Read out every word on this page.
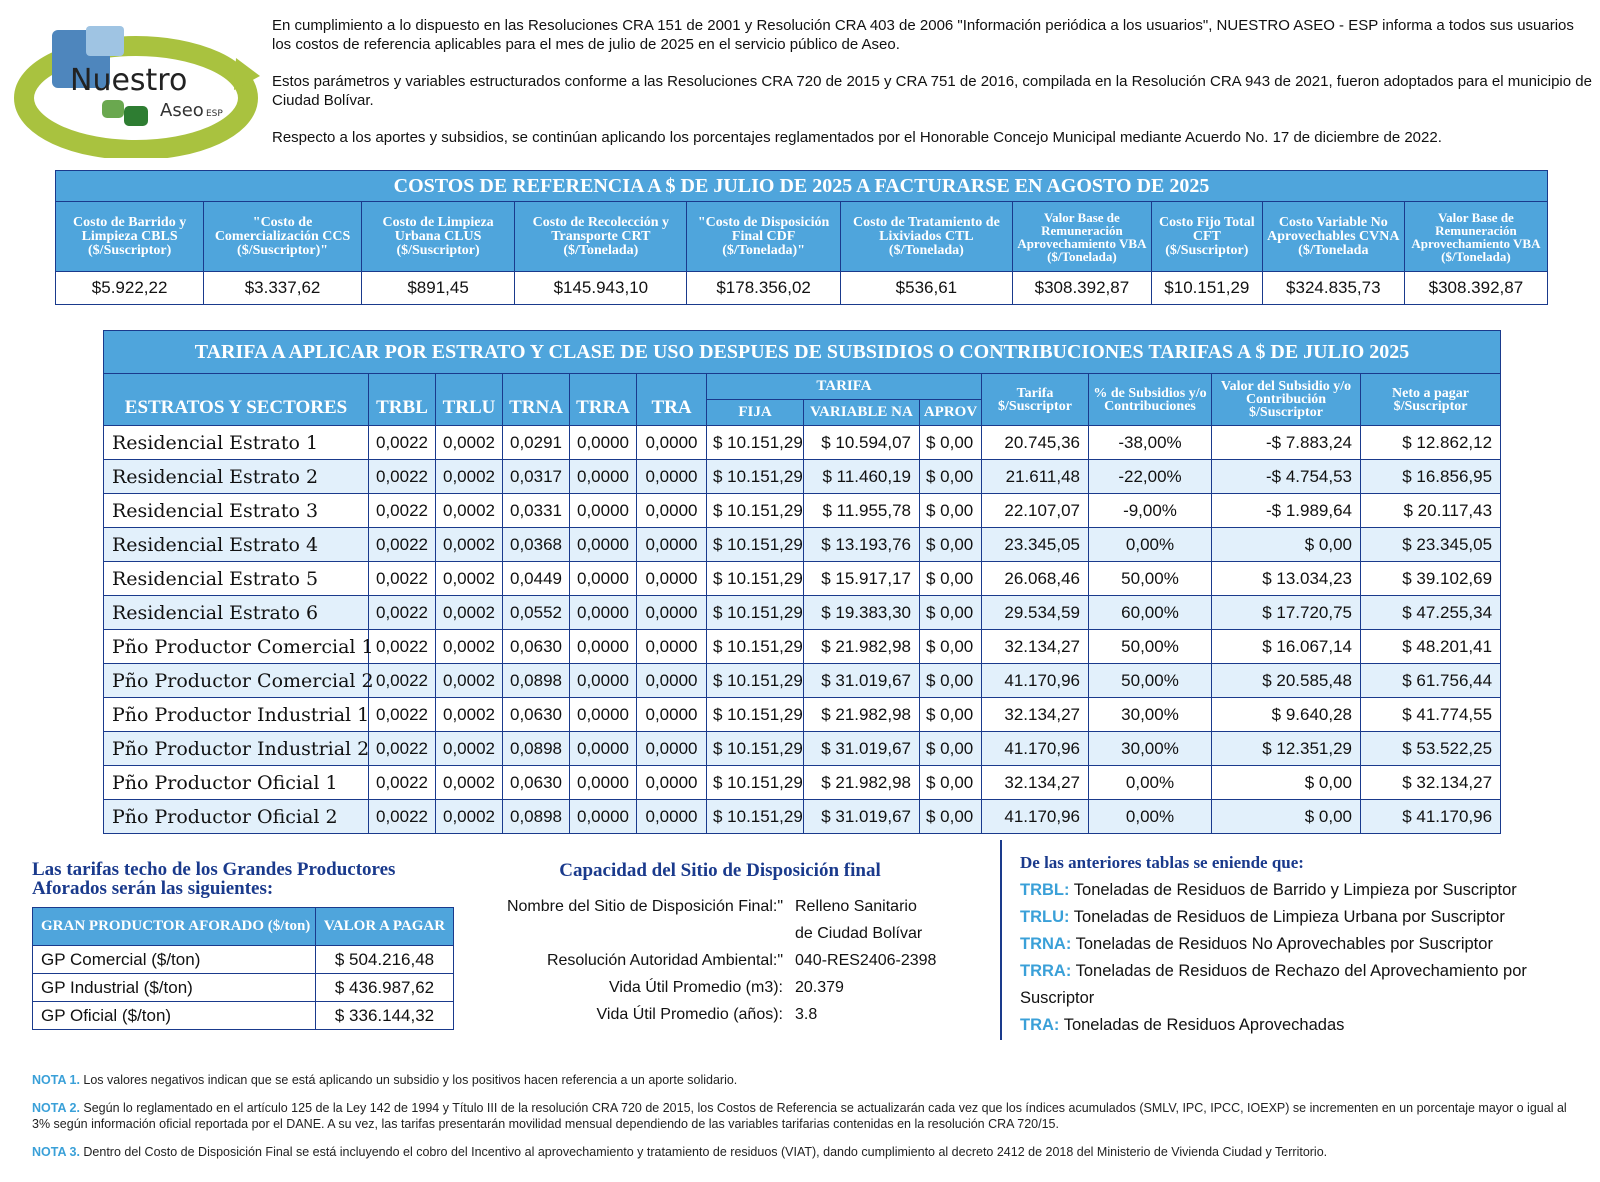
Nuestro
Aseo ESP

En cumplimiento a lo dispuesto en las Resoluciones CRA 151 de 2001 y Resolución CRA 403 de 2006 "Información periódica a los usuarios", NUESTRO ASEO - ESP informa a todos sus usuarios los costos de referencia aplicables para el mes de julio de 2025 en el servicio público de Aseo.

Estos parámetros y variables estructurados conforme a las Resoluciones CRA 720 de 2015 y CRA 751 de 2016, compilada en la Resolución CRA 943 de 2021, fueron adoptados para el municipio de Ciudad Bolívar.

Respecto a los aportes y subsidios, se continúan aplicando los porcentajes reglamentados por el Honorable Concejo Municipal mediante Acuerdo No. 17 de diciembre de 2022.

COSTOS DE REFERENCIA A $ DE JULIO DE 2025 A FACTURARSE EN AGOSTO DE 2025									
Costo de Barrido y Limpieza CBLS ($/Suscriptor)	"Costo de Comercialización CCS ($/Suscriptor)"	Costo de Limpieza Urbana CLUS ($/Suscriptor)	Costo de Recolección y Transporte CRT ($/Tonelada)	"Costo de Disposición Final CDF ($/Tonelada)"	Costo de Tratamiento de Lixiviados CTL ($/Tonelada)	Valor Base de Remuneración Aprovechamiento VBA ($/Tonelada)	Costo Fijo Total CFT ($/Suscriptor)	Costo Variable No Aprovechables CVNA ($/Tonelada	Valor Base de Remuneración Aprovechamiento VBA ($/Tonelada)
$5.922,22	$3.337,62	$891,45	$145.943,10	$178.356,02	$536,61	$308.392,87	$10.151,29	$324.835,73	$308.392,87
TARIFA A APLICAR POR ESTRATO Y CLASE DE USO DESPUES DE SUBSIDIOS O CONTRIBUCIONES TARIFAS A $ DE JULIO 2025												
ESTRATOS Y SECTORES	TRBL	TRLU	TRNA	TRRA	TRA	TARIFA			Tarifa $/Suscriptor	% de Subsidios y/o Contribuciones	Valor del Subsidio y/o Contribución $/Suscriptor	Neto a pagar $/Suscriptor
						FIJA	VARIABLE NA	APROV				
Residencial Estrato 1	0,0022	0,0002	0,0291	0,0000	0,0000	$ 10.151,29	$ 10.594,07	$ 0,00	20.745,36	-38,00%	-$ 7.883,24	$ 12.862,12
Residencial Estrato 2	0,0022	0,0002	0,0317	0,0000	0,0000	$ 10.151,29	$ 11.460,19	$ 0,00	21.611,48	-22,00%	-$ 4.754,53	$ 16.856,95
Residencial Estrato 3	0,0022	0,0002	0,0331	0,0000	0,0000	$ 10.151,29	$ 11.955,78	$ 0,00	22.107,07	-9,00%	-$ 1.989,64	$ 20.117,43
Residencial Estrato 4	0,0022	0,0002	0,0368	0,0000	0,0000	$ 10.151,29	$ 13.193,76	$ 0,00	23.345,05	0,00%	$ 0,00	$ 23.345,05
Residencial Estrato 5	0,0022	0,0002	0,0449	0,0000	0,0000	$ 10.151,29	$ 15.917,17	$ 0,00	26.068,46	50,00%	$ 13.034,23	$ 39.102,69
Residencial Estrato 6	0,0022	0,0002	0,0552	0,0000	0,0000	$ 10.151,29	$ 19.383,30	$ 0,00	29.534,59	60,00%	$ 17.720,75	$ 47.255,34
Pño Productor Comercial 1	0,0022	0,0002	0,0630	0,0000	0,0000	$ 10.151,29	$ 21.982,98	$ 0,00	32.134,27	50,00%	$ 16.067,14	$ 48.201,41
Pño Productor Comercial 2	0,0022	0,0002	0,0898	0,0000	0,0000	$ 10.151,29	$ 31.019,67	$ 0,00	41.170,96	50,00%	$ 20.585,48	$ 61.756,44
Pño Productor Industrial 1	0,0022	0,0002	0,0630	0,0000	0,0000	$ 10.151,29	$ 21.982,98	$ 0,00	32.134,27	30,00%	$ 9.640,28	$ 41.774,55
Pño Productor Industrial 2	0,0022	0,0002	0,0898	0,0000	0,0000	$ 10.151,29	$ 31.019,67	$ 0,00	41.170,96	30,00%	$ 12.351,29	$ 53.522,25
Pño Productor Oficial 1	0,0022	0,0002	0,0630	0,0000	0,0000	$ 10.151,29	$ 21.982,98	$ 0,00	32.134,27	0,00%	$ 0,00	$ 32.134,27
Pño Productor Oficial 2	0,0022	0,0002	0,0898	0,0000	0,0000	$ 10.151,29	$ 31.019,67	$ 0,00	41.170,96	0,00%	$ 0,00	$ 41.170,96
Las tarifas techo de los Grandes Productores Aforados serán las siguientes:
GRAN PRODUCTOR AFORADO ($/ton)	VALOR A PAGAR
GP Comercial ($/ton)	$ 504.216,48
GP Industrial ($/ton)	$ 436.987,62
GP Oficial ($/ton)	$ 336.144,32
Capacidad del Sitio de Disposición final
Nombre del Sitio de Disposición Final:" Relleno Sanitario
de Ciudad Bolívar
Resolución Autoridad Ambiental:" 040-RES2406-2398
Vida Útil Promedio (m3): 20.379
Vida Útil Promedio (años): 3.8
De las anteriores tablas se eniende que:
TRBL: Toneladas de Residuos de Barrido y Limpieza por Suscriptor
TRLU: Toneladas de Residuos de Limpieza Urbana por Suscriptor
TRNA: Toneladas de Residuos No Aprovechables por Suscriptor
TRRA: Toneladas de Residuos de Rechazo del Aprovechamiento por Suscriptor
TRA: Toneladas de Residuos Aprovechadas

NOTA 1. Los valores negativos indican que se está aplicando un subsidio y los positivos hacen referencia a un aporte solidario.

NOTA 2. Según lo reglamentado en el artículo 125 de la Ley 142 de 1994 y Título III de la resolución CRA 720 de 2015, los Costos de Referencia se actualizarán cada vez que los índices acumulados (SMLV, IPC, IPCC, IOEXP) se incrementen en un porcentaje mayor o igual al 3% según información oficial reportada por el DANE. A su vez, las tarifas presentarán movilidad mensual dependiendo de las variables tarifarias contenidas en la resolución CRA 720/15.

NOTA 3. Dentro del Costo de Disposición Final se está incluyendo el cobro del Incentivo al aprovechamiento y tratamiento de residuos (VIAT), dando cumplimiento al decreto 2412 de 2018 del Ministerio de Vivienda Ciudad y Territorio.
